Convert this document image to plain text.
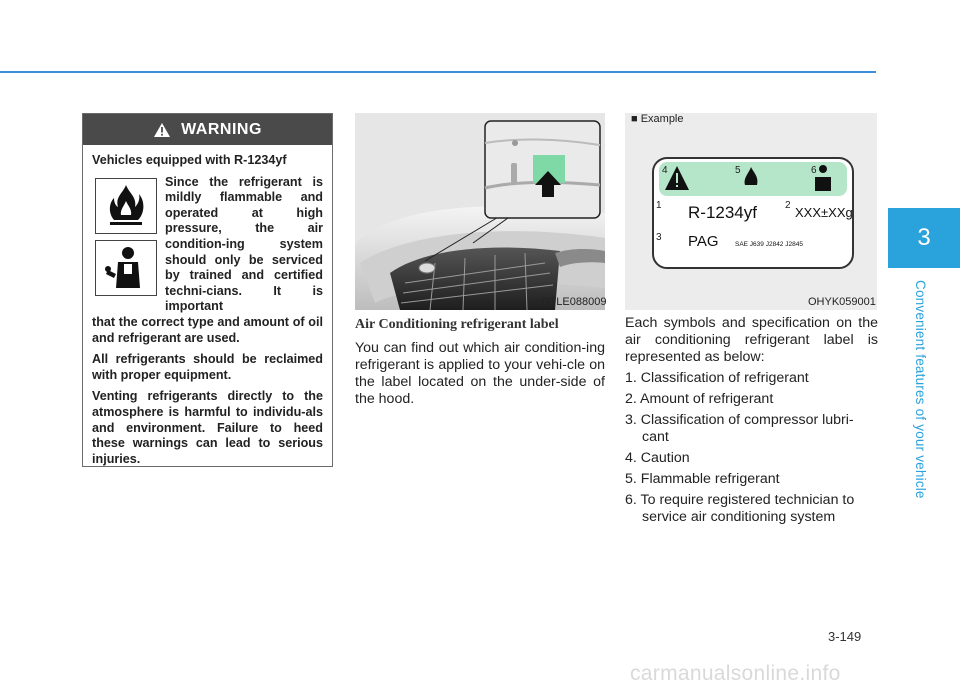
3
Convenient features of your vehicle
WARNING
Vehicles equipped with R-1234yf

Since the refrigerant is mildly flammable and operated at high pressure, the air condition-ing system should only be serviced by trained and certified techni-cians. It is important

that the correct type and amount of oil and refrigerant are used.

All refrigerants should be reclaimed with proper equipment.

Venting refrigerants directly to the atmosphere is harmful to individu-als and environment. Failure to heed these warnings can lead to serious injuries.

OTLE088009
■ Example
R-1234yf	XXX±XXg
PAG	SAE J639 J2842 J2845
4	5	6
1	2
3
OHYK059001
Air Conditioning refrigerant label

You can find out which air condition-ing refrigerant is applied to your vehi-cle on the label located on the under-side of the hood.

Each symbols and specification on the air conditioning refrigerant label is represented as below:

1. Classification of refrigerant
2. Amount of refrigerant
3. Classification of compressor lubri-cant
4. Caution
5. Flammable refrigerant
6. To require registered technician to service air conditioning system
3-149
carmanualsonline.info
